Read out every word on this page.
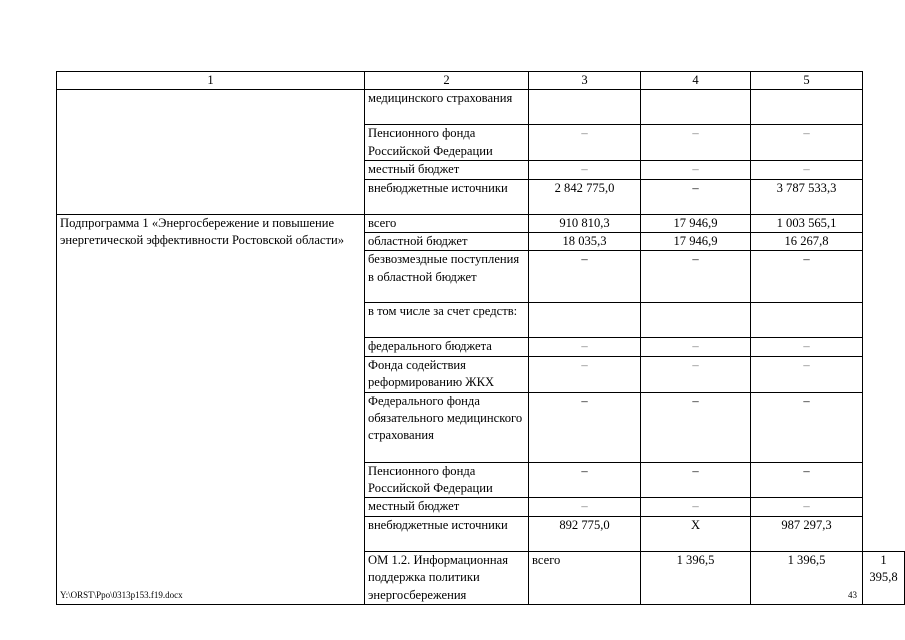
1	2	3	4	5	
	медицинского страхования				
	Пенсионного фонда Российской Федерации	–	–	–	
	местный бюджет	–	–	–	
	внебюджетные источники	2 842 775,0	–	3 787 533,3	
Подпрограмма 1 «Энергосбережение и повышение энергетической эффективности Ростовской области»	всего	910 810,3	17 946,9	1 003 565,1	
	областной бюджет	18 035,3	17 946,9	16 267,8	
	безвозмездные поступления в областной бюджет	–	–	–	
	в том числе за счет средств:				
	федерального бюджета	–	–	–	
	Фонда содействия реформированию ЖКХ	–	–	–	
	Федерального фонда обязательного медицинского страхования	–	–	–	
	Пенсионного фонда Российской Федерации	–	–	–	
	местный бюджет	–	–	–	
	внебюджетные источники	892 775,0	Х	987 297,3	
	ОМ 1.2. Информационная поддержка политики энергосбережения	всего	1 396,5	1 396,5	1 395,8
Y:\ORST\Ppo\0313p153.f19.docx	43
